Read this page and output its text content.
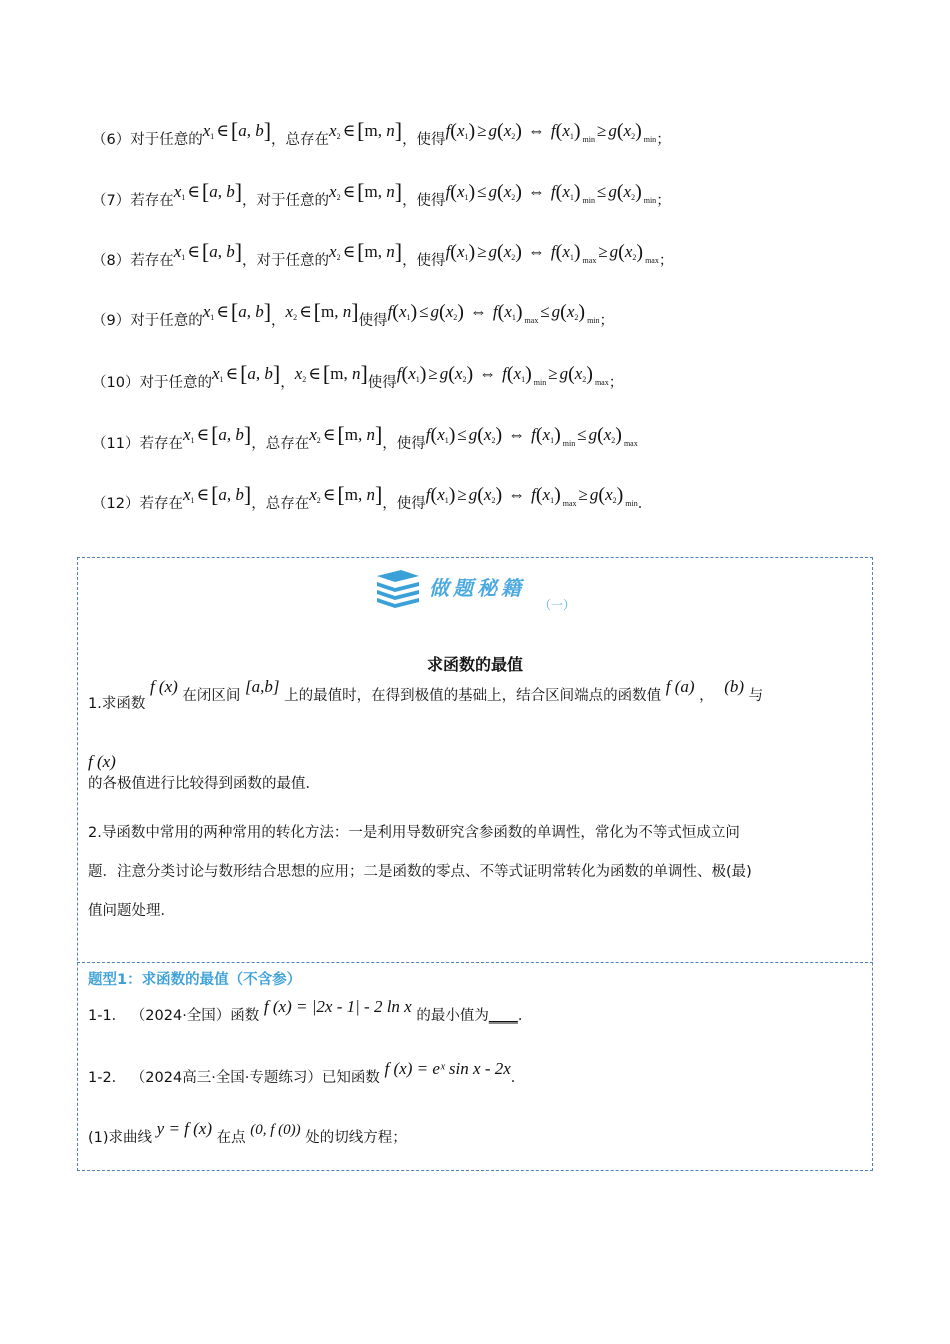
（6）对于任意的$x_1$ ∈[a, b]，总存在$x_2$ ∈[m, n]，使得$f(x_1) \ge g(x_2)$ ⇔ $f(x_1) _{min} \ge g(x_2)$ $_{min}$；
（7）若存在$x_1$ ∈[a, b]，对于任意的$x_2$ ∈[m, n]，使得$f(x_1) \le g(x_2)$ ⇔ $f(x_1) _{min} \le g(x_2)$ $_{min}$；
（8）若存在$x_1$ ∈[a, b]，对于任意的$x_2$ ∈[m, n]，使得$f(x_1) \ge g(x_2)$ ⇔ $f(x_1) _{max} \ge g(x_2)$ $_{max}$；
（9）对于任意的$x_1$ ∈[a, b]，$x_2$ ∈[m, n]使得$f(x_1) \le g(x_2)$ ⇔ $f(x_1) _{max} \le g(x_2)$ $_{min}$；
（10）对于任意的$x_1$ ∈[a, b]，$x_2$ ∈[m, n]使得$f(x_1) \ge g(x_2)$ ⇔ $f(x_1) _{min} \ge g(x_2)$ $_{max}$；
（11）若存在$x_1$ ∈[a, b]，总存在$x_2$ ∈[m, n]，使得$f(x_1) \le g(x_2)$ ⇔ $f(x_1) _{min} \le g(x_2)$ $_{max}$
（12）若存在$x_1$ ∈[a, b]，总存在$x_2$ ∈[m, n]，使得$f(x_1) \ge g(x_2)$ ⇔ $f(x_1) _{max} \ge g(x_2)$ $_{min}$．
做题秘籍
（一）
求函数的最值
1.求函数 f (x) 在闭区间 [a,b] 上的最值时，在得到极值的基础上，结合区间端点的函数值 f (a) ， (b) 与
f (x)
的各极值进行比较得到函数的最值．
2.导函数中常用的两种常用的转化方法：一是利用导数研究含参函数的单调性，常化为不等式恒成立问
题．注意分类讨论与数形结合思想的应用；二是函数的零点、不等式证明常转化为函数的单调性、极(最)
值问题处理．
题型1：求函数的最值（不含参）
1-1． （2024·全国）函数 f (x) = |2x - 1| - 2 ln x 的最小值为____．
1-2． （2024高三·全国·专题练习）已知函数 f (x) = eˣ sin x - 2x．
(1)求曲线 y = f (x) 在点 (0, f (0)) 处的切线方程；
